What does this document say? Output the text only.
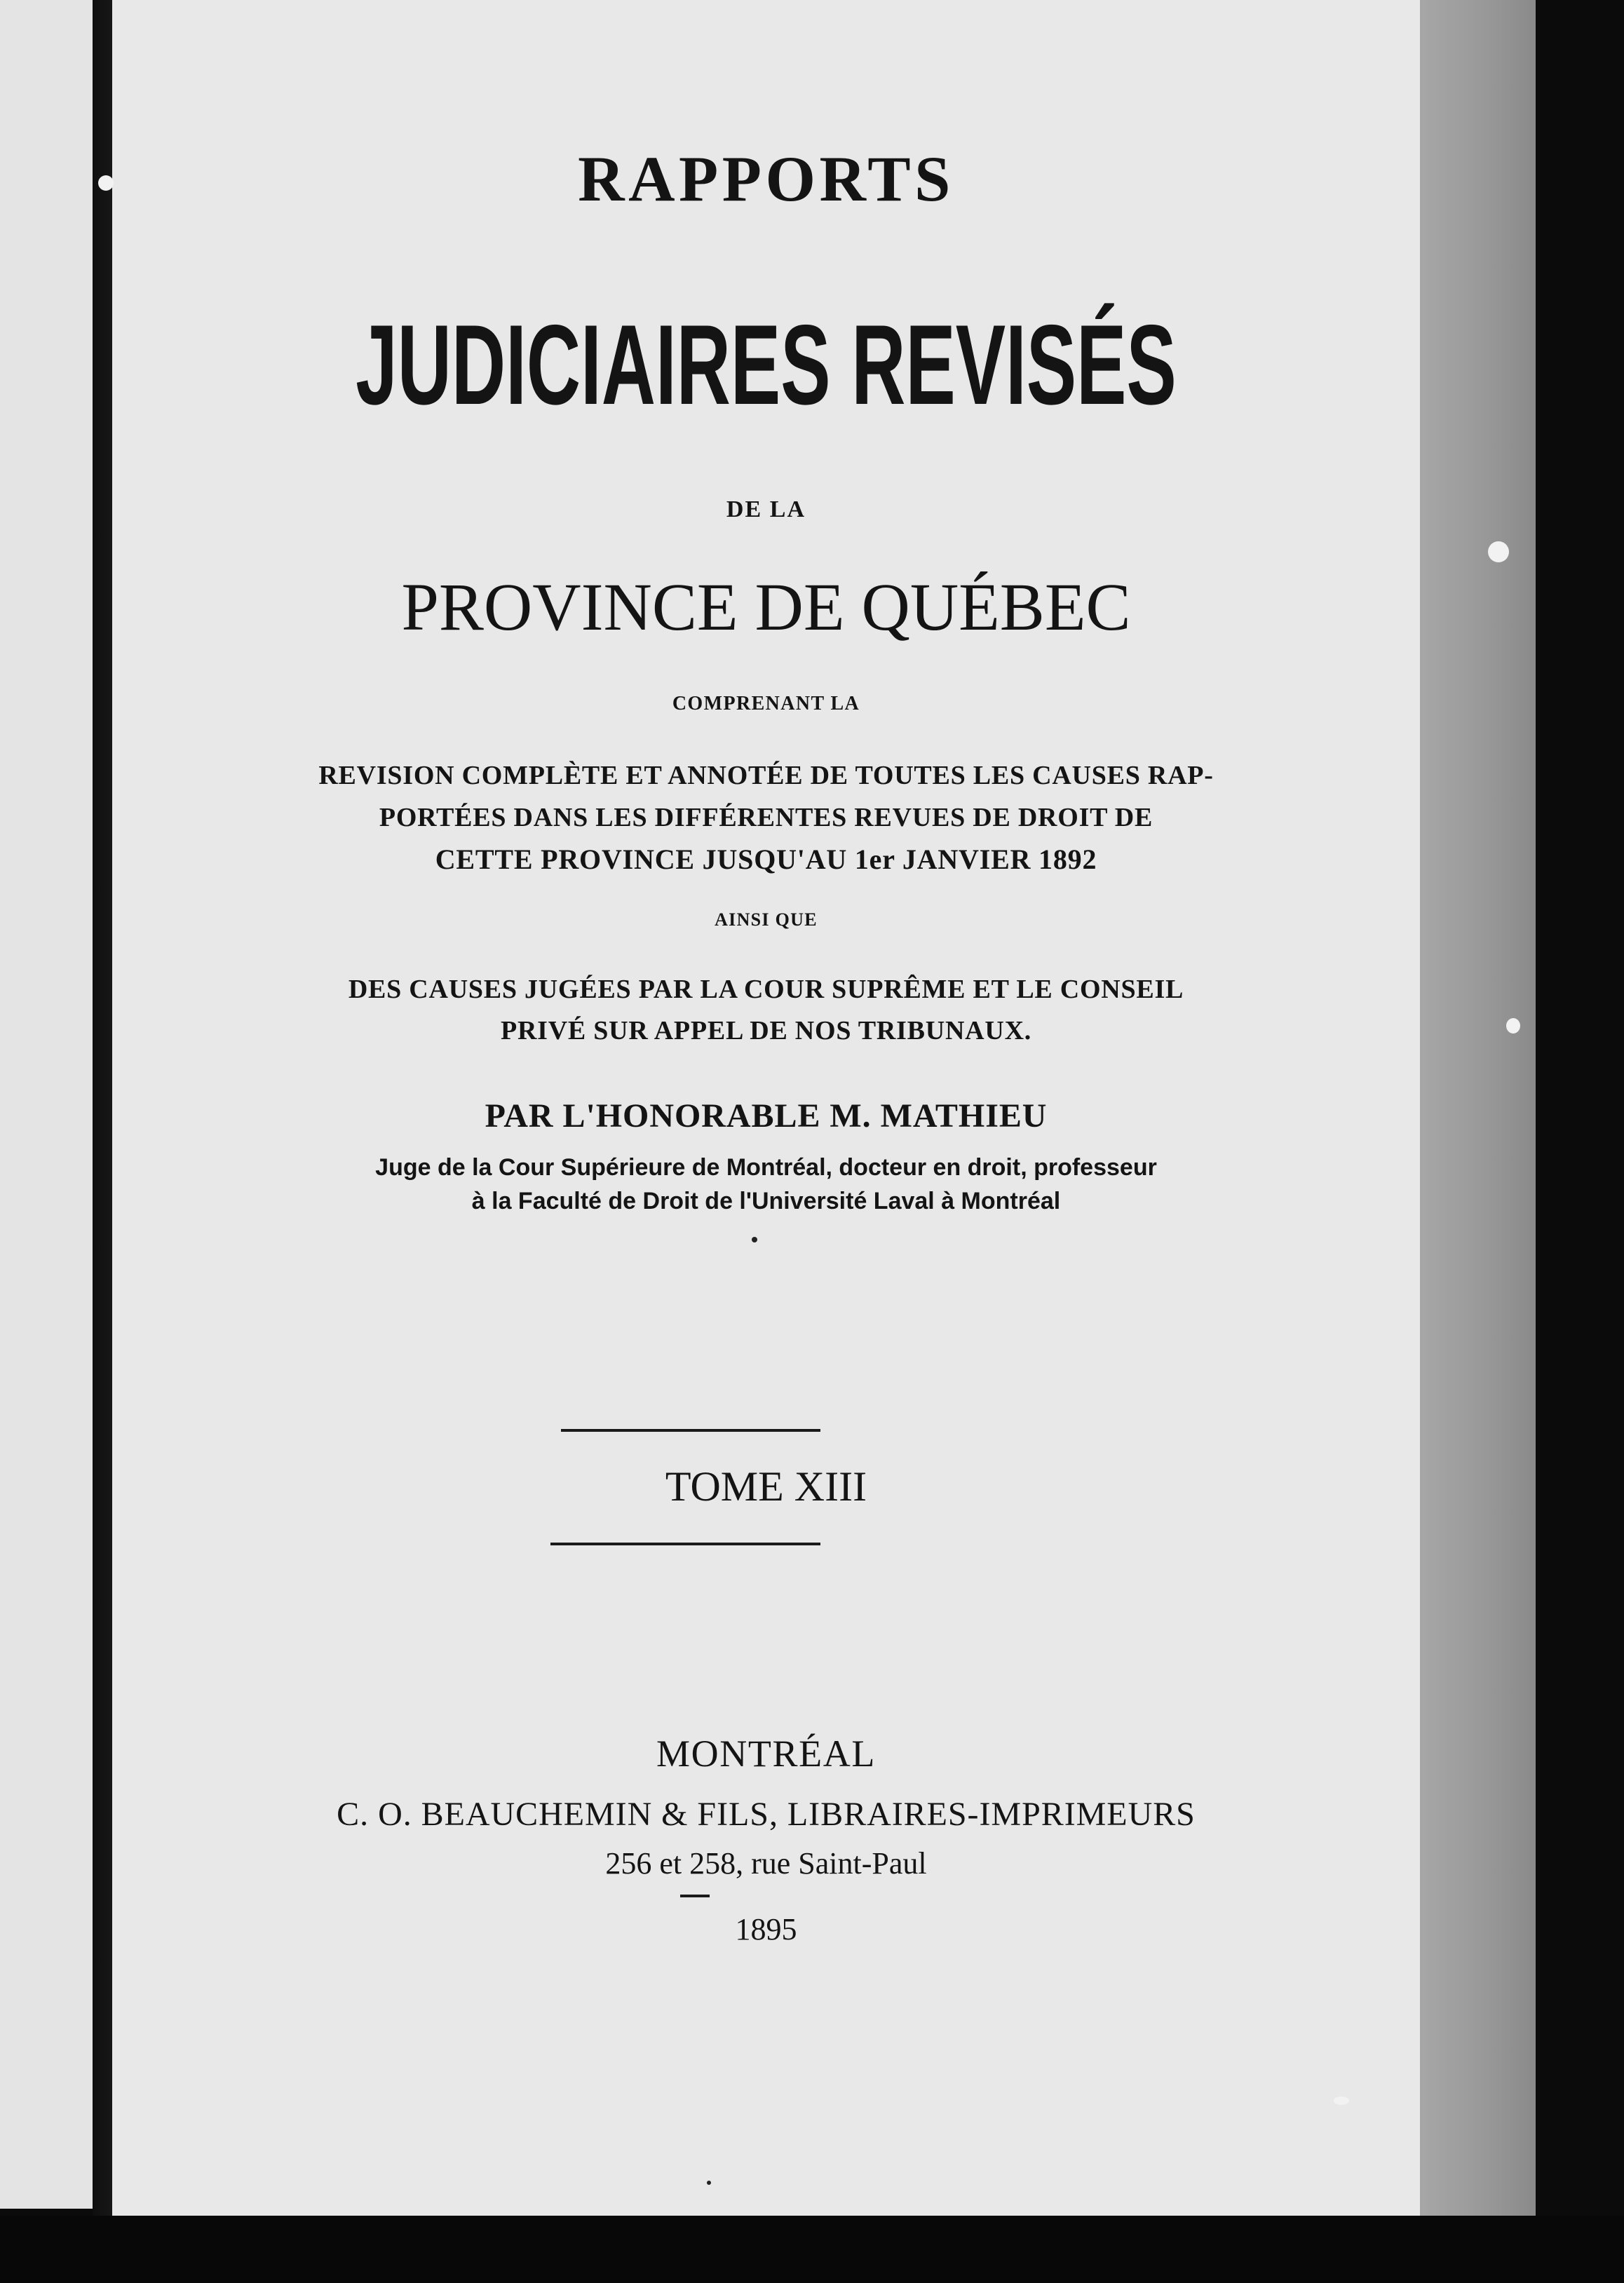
RAPPORTS
JUDICIAIRES REVISÉS
DE LA
PROVINCE DE QUÉBEC
COMPRENANT LA
REVISION COMPLÈTE ET ANNOTÉE DE TOUTES LES CAUSES RAP-
PORTÉES DANS LES DIFFÉRENTES REVUES DE DROIT DE
CETTE PROVINCE JUSQU'AU 1er JANVIER 1892
AINSI QUE
DES CAUSES JUGÉES PAR LA COUR SUPRÊME ET LE CONSEIL
PRIVÉ SUR APPEL DE NOS TRIBUNAUX.
PAR L'HONORABLE M. MATHIEU
Juge de la Cour Supérieure de Montréal, docteur en droit, professeur
à la Faculté de Droit de l'Université Laval à Montréal
TOME XIII
MONTRÉAL
C. O. BEAUCHEMIN & FILS, LIBRAIRES-IMPRIMEURS
256 et 258, rue Saint-Paul
1895
